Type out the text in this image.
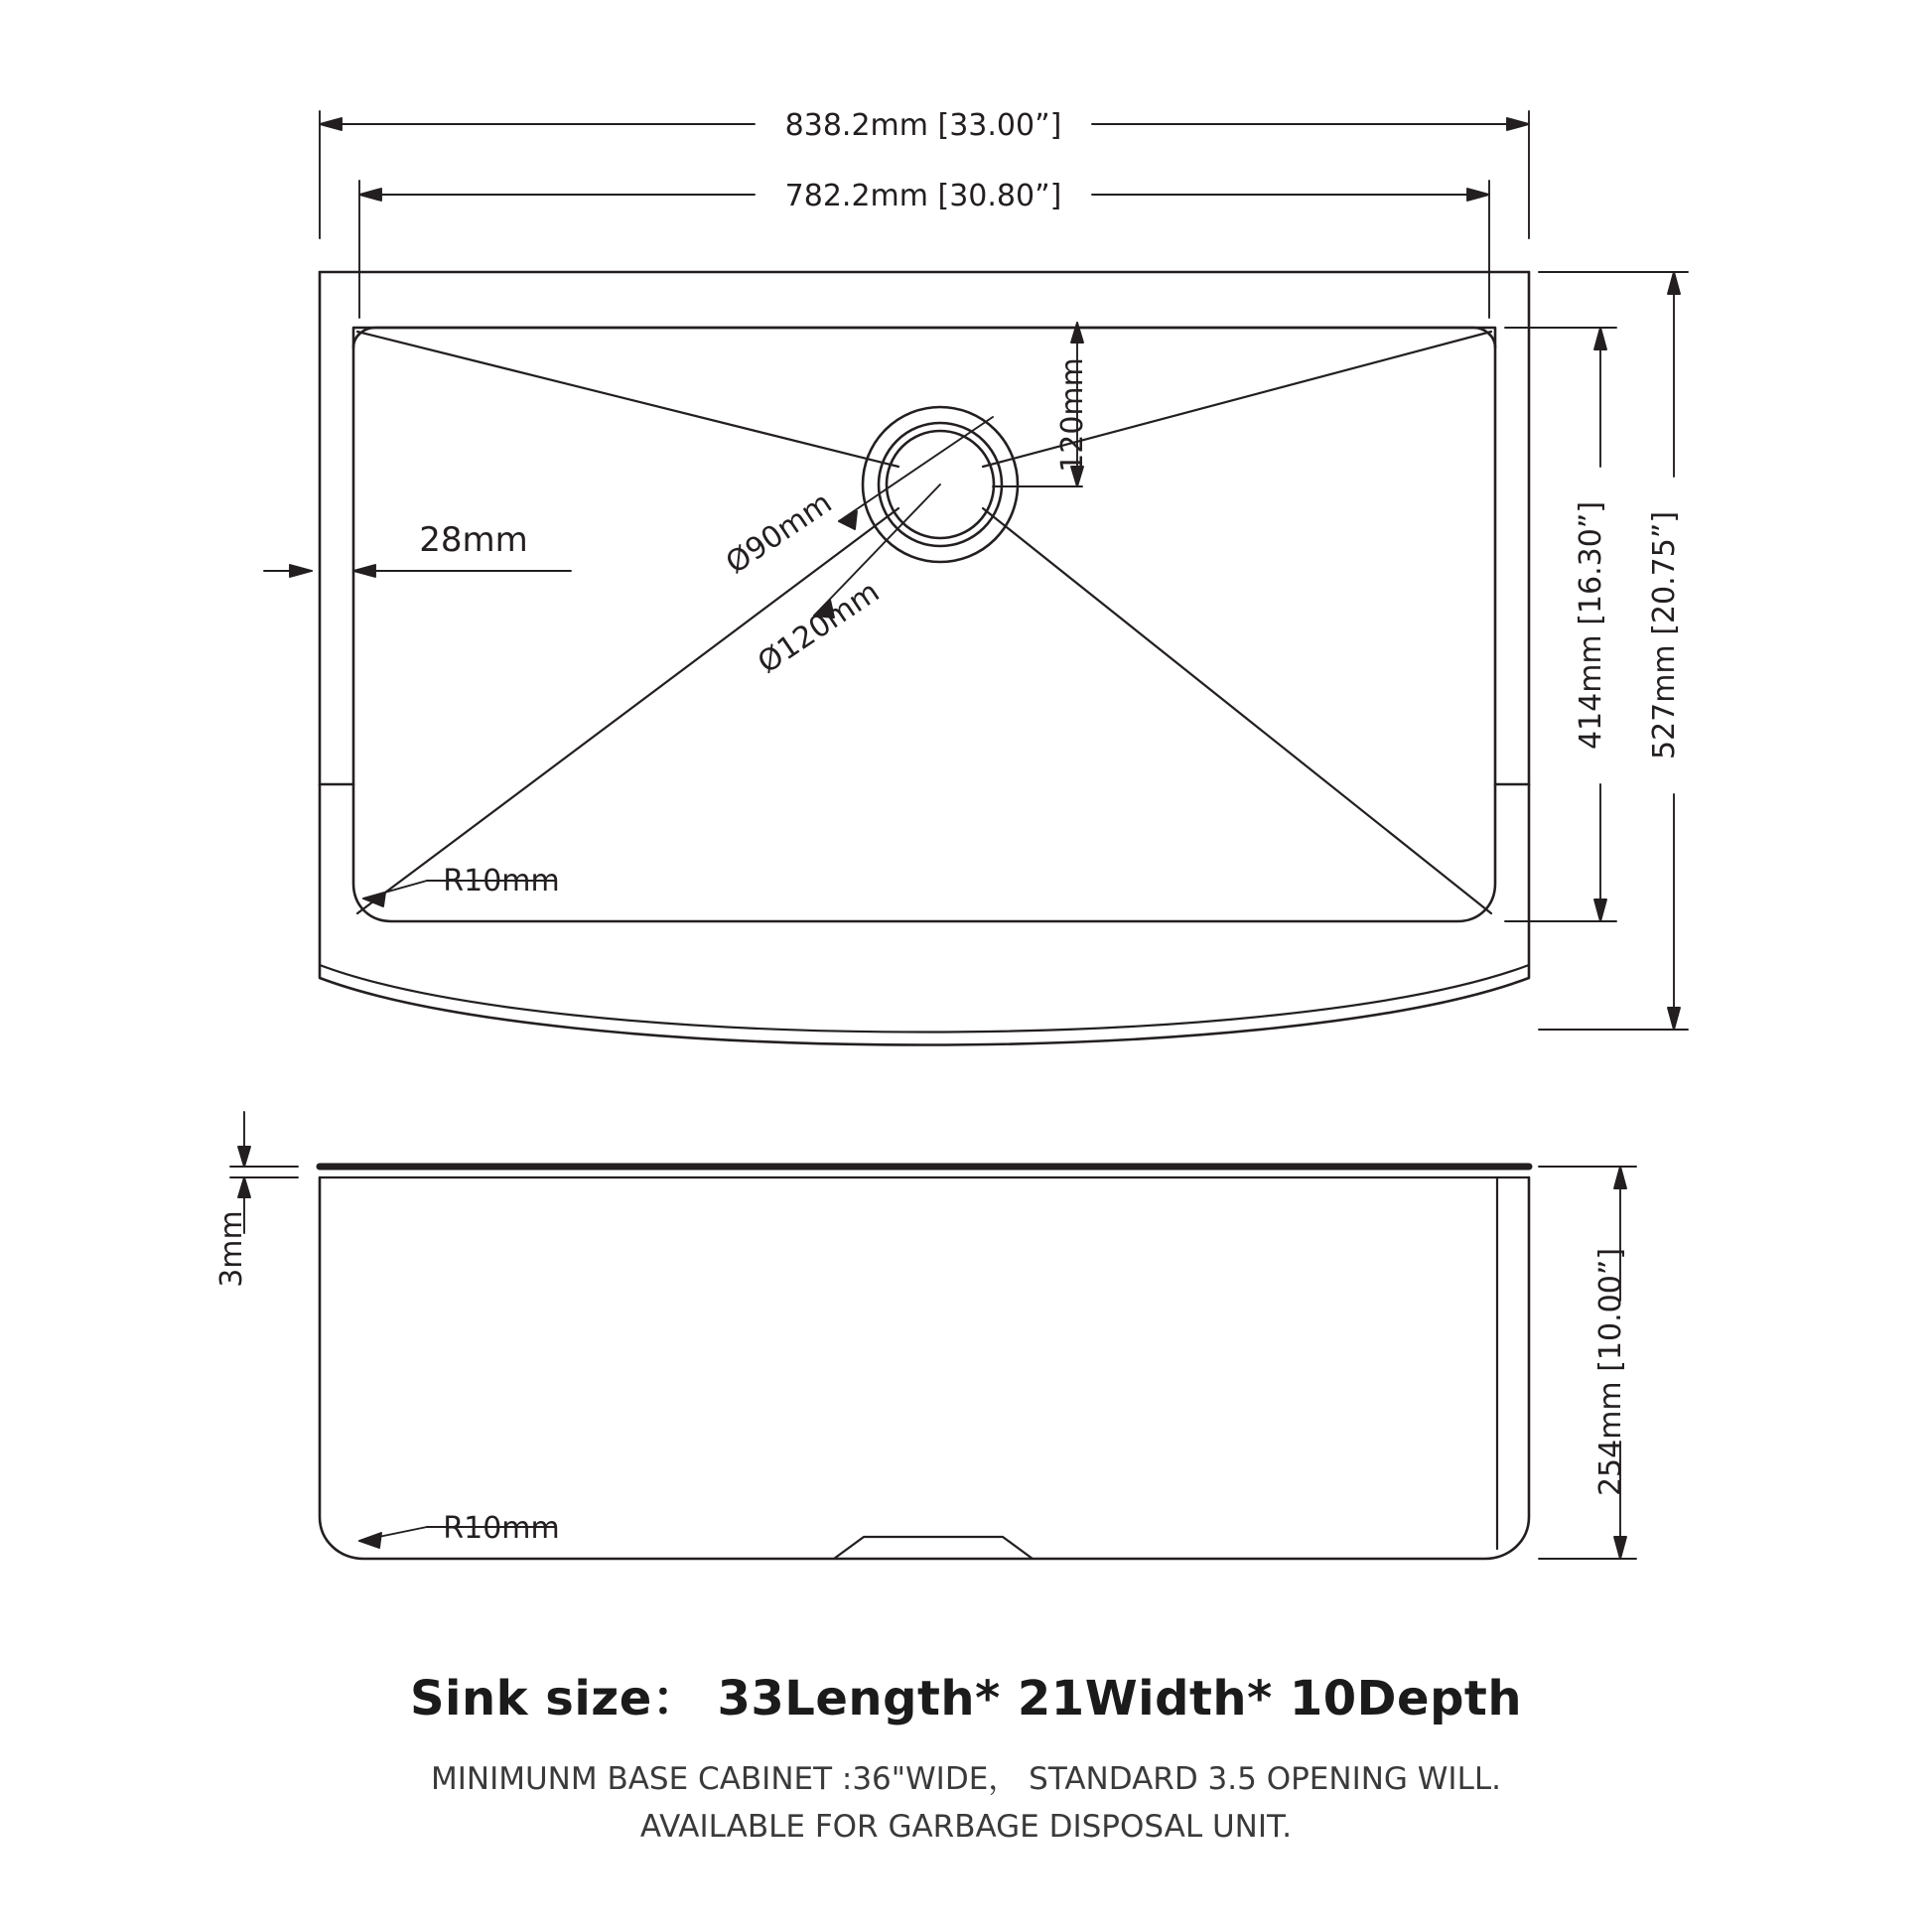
838.2mm [33.00”]
782.2mm [30.80”]
414mm [16.30”] 527mm [20.75”]
28mm
120mm
Ø90mm
Ø120mm
R10mm
3mm	254mm [10.00”]
R10mm
Sink size： 33Length* 21Width* 10Depth
MINIMUNM BASE CABINET :36"WIDE， STANDARD 3.5 OPENING WILL.
AVAILABLE FOR GARBAGE DISPOSAL UNIT.
